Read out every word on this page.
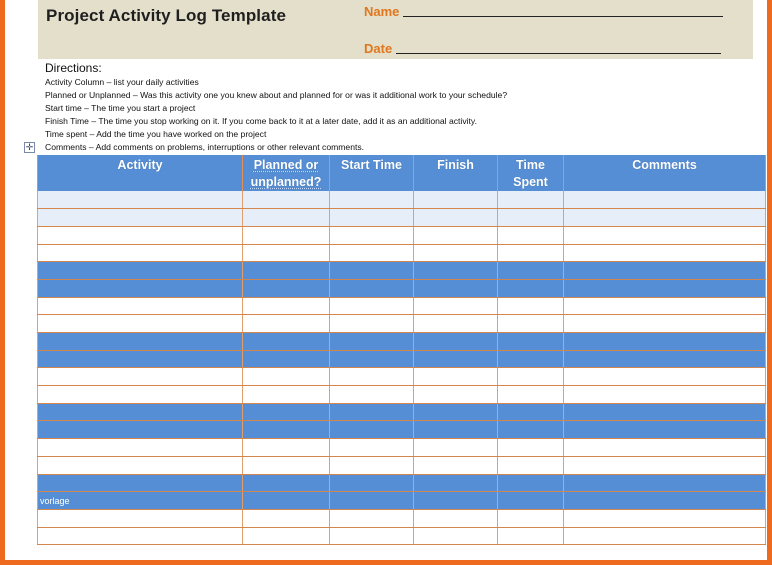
Project Activity Log Template	Name
Date
Directions:
Activity Column – list your daily activities
Planned or Unplanned – Was this activity one you knew about and planned for or was it additional work to your schedule?
Start time – The time you start a project
Finish Time – The time you stop working on it. If you come back to it at a later date, add it as an additional activity.
Time spent – Add the time you have worked on the project
Comments – Add comments on problems, interruptions or other relevant comments.
✛
Activity	Planned or unplanned?	Start Time	Finish	Time Spent	Comments

vorlage					
